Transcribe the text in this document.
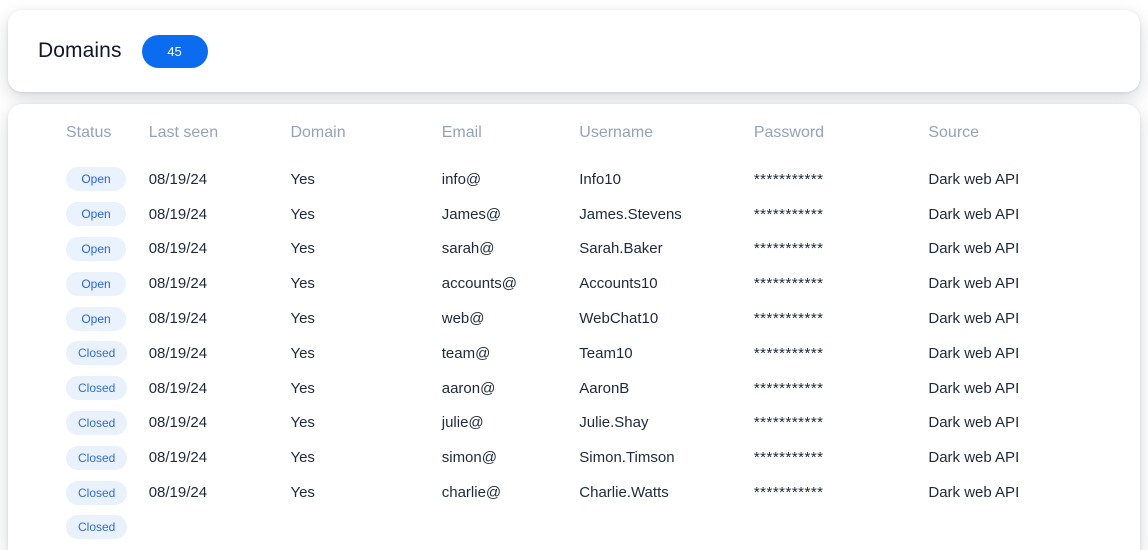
Domains	45
Status	Last seen	Domain	Email	Username	Password	Source
Open	08/19/24	Yes	info@	Info10	***********	Dark web API
Open	08/19/24	Yes	James@	James.Stevens	***********	Dark web API
Open	08/19/24	Yes	sarah@	Sarah.Baker	***********	Dark web API
Open	08/19/24	Yes	accounts@	Accounts10	***********	Dark web API
Open	08/19/24	Yes	web@	WebChat10	***********	Dark web API
Closed	08/19/24	Yes	team@	Team10	***********	Dark web API
Closed	08/19/24	Yes	aaron@	AaronB	***********	Dark web API
Closed	08/19/24	Yes	julie@	Julie.Shay	***********	Dark web API
Closed	08/19/24	Yes	simon@	Simon.Timson	***********	Dark web API
Closed	08/19/24	Yes	charlie@	Charlie.Watts	***********	Dark web API
Closed						
